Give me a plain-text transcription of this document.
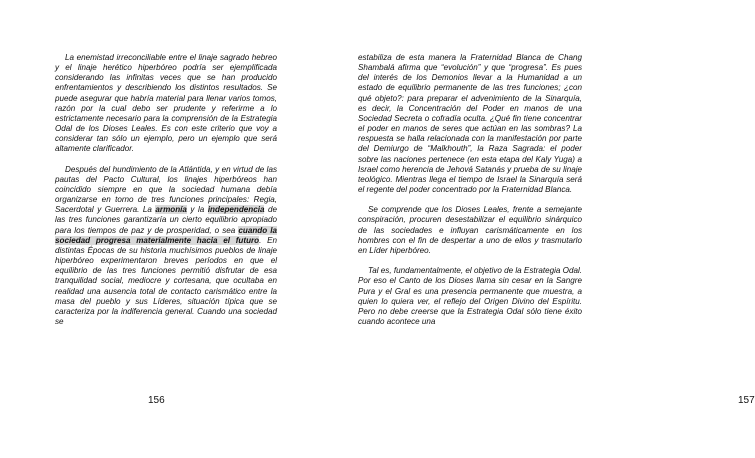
La enemistad irreconciliable entre el linaje sagrado hebreo y el linaje herético hiperbóreo podría ser ejemplificada considerando las infinitas veces que se han producido enfrentamientos y describiendo los distintos resultados. Se puede asegurar que habría material para llenar varios tomos, razón por la cual debo ser prudente y referirme a lo estrictamente necesario para la comprensión de la Estrategia Odal de los Dioses Leales. Es con este criterio que voy a considerar tan sólo un ejemplo, pero un ejemplo que será altamente clarificador.

Después del hundimiento de la Atlántida, y en virtud de las pautas del Pacto Cultural, los linajes hiperbóreos han coincidido siempre en que la sociedad humana debía organizarse en torno de tres funciones principales: Regia, Sacerdotal y Guerrera. La armonía y la independencia de las tres funciones garantizaría un cierto equilibrio apropiado para los tiempos de paz y de prosperidad, o sea cuando la sociedad progresa materialmente hacia el futuro. En distintas Épocas de su historia muchísimos pueblos de linaje hiperbóreo experimentaron breves períodos en que el equilibrio de las tres funciones permitió disfrutar de esa tranquilidad social, mediocre y cortesana, que ocultaba en realidad una ausencia total de contacto carismático entre la masa del pueblo y sus Líderes, situación típica que se caracteriza por la indiferencia general. Cuando una sociedad se

156	157

estabiliza de esta manera la Fraternidad Blanca de Chang Shambalá afirma que “evolución” y que “progresa”. Es pues del interés de los Demonios llevar a la Humanidad a un estado de equilibrio permanente de las tres funciones; ¿con qué objeto?: para preparar el advenimiento de la Sinarquía, es decir, la Concentración del Poder en manos de una Sociedad Secreta o cofradía oculta. ¿Qué fin tiene concentrar el poder en manos de seres que actúan en las sombras? La respuesta se halla relacionada con la manifestación por parte del Demiurgo de “Malkhouth”, la Raza Sagrada: el poder sobre las naciones pertenece (en esta etapa del Kaly Yuga) a Israel como herencia de Jehová Satanás y prueba de su linaje teológico. Mientras llega el tiempo de Israel la Sinarquía será el regente del poder concentrado por la Fraternidad Blanca.

Se comprende que los Dioses Leales, frente a semejante conspiración, procuren desestabilizar el equilibrio sinárquico de las sociedades e influyan carismáticamente en los hombres con el fin de despertar a uno de ellos y trasmutarlo en Líder hiperbóreo.

Tal es, fundamentalmente, el objetivo de la Estrategia Odal. Por eso el Canto de los Dioses llama sin cesar en la Sangre Pura y el Gral es una presencia permanente que muestra, a quien lo quiera ver, el reflejo del Origen Divino del Espíritu. Pero no debe creerse que la Estrategia Odal sólo tiene éxito cuando acontece una
